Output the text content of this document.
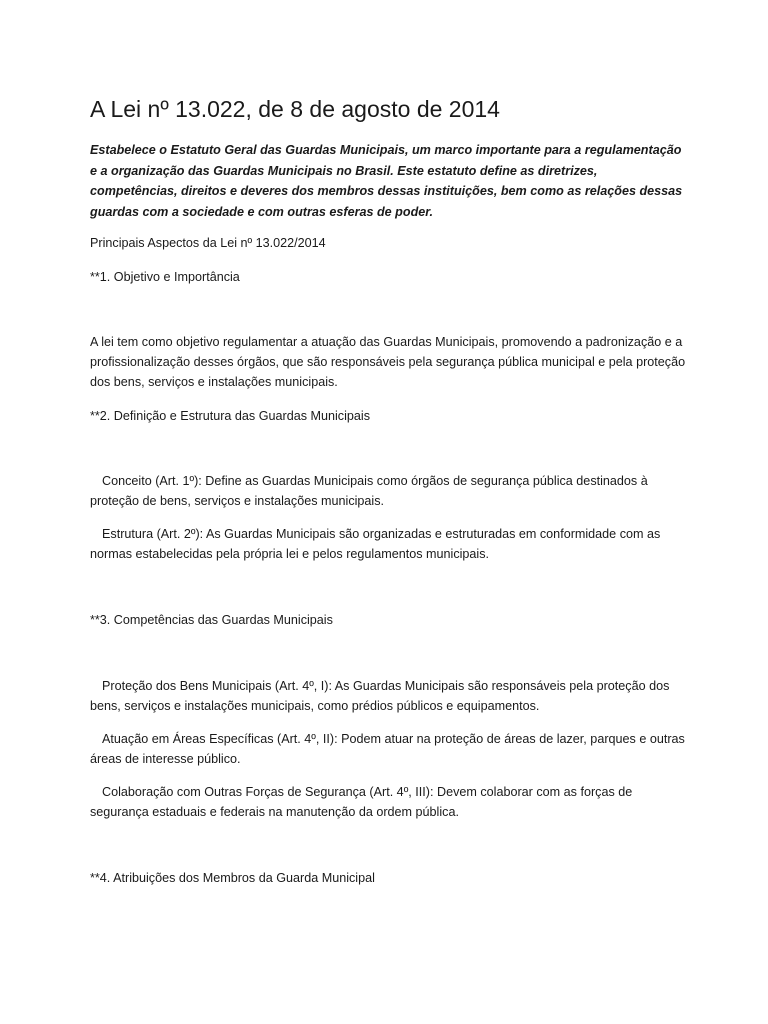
A Lei nº 13.022, de 8 de agosto de 2014

Estabelece o Estatuto Geral das Guardas Municipais, um marco importante para a regulamentação e a organização das Guardas Municipais no Brasil. Este estatuto define as diretrizes, competências, direitos e deveres dos membros dessas instituições, bem como as relações dessas guardas com a sociedade e com outras esferas de poder.

Principais Aspectos da Lei nº 13.022/2014

**1. Objetivo e Importância

A lei tem como objetivo regulamentar a atuação das Guardas Municipais, promovendo a padronização e a profissionalização desses órgãos, que são responsáveis pela segurança pública municipal e pela proteção dos bens, serviços e instalações municipais.

**2. Definição e Estrutura das Guardas Municipais

Conceito (Art. 1º): Define as Guardas Municipais como órgãos de segurança pública destinados à proteção de bens, serviços e instalações municipais.

Estrutura (Art. 2º): As Guardas Municipais são organizadas e estruturadas em conformidade com as normas estabelecidas pela própria lei e pelos regulamentos municipais.

**3. Competências das Guardas Municipais

Proteção dos Bens Municipais (Art. 4º, I): As Guardas Municipais são responsáveis pela proteção dos bens, serviços e instalações municipais, como prédios públicos e equipamentos.

Atuação em Áreas Específicas (Art. 4º, II): Podem atuar na proteção de áreas de lazer, parques e outras áreas de interesse público.

Colaboração com Outras Forças de Segurança (Art. 4º, III): Devem colaborar com as forças de segurança estaduais e federais na manutenção da ordem pública.

**4. Atribuições dos Membros da Guarda Municipal
